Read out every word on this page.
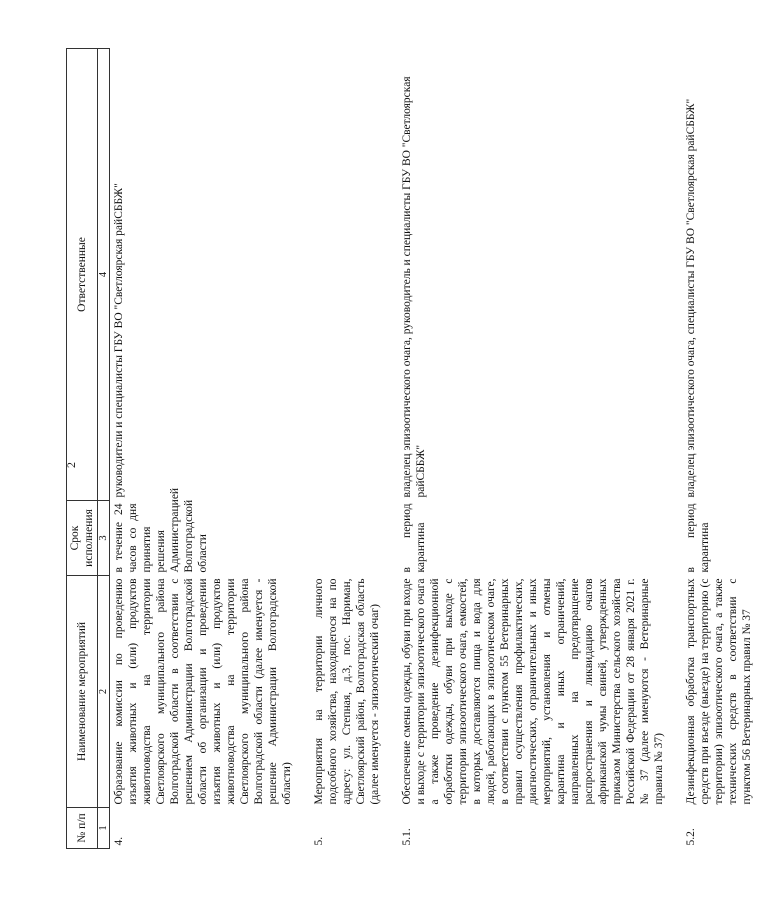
2
№ п/п	Наименование мероприятий	Срок исполнения	Ответственные
1	2	3	4
4.	Образование комиссии по проведению изъятия животных и (или) продуктов животноводства на территории Светлоярского муниципального района Волгоградской области в соответствии с решением Администрации Волгоградской области об организации и проведении изъятия животных и (или) продуктов животноводства на территории Светлоярского муниципального района Волгоградской области (далее именуется - решение Администрации Волгоградской области)	в течение 24 часов со дня принятия решения Администрацией Волгоградской области	руководители и специалисты ГБУ ВО "Светлоярская райСББЖ"
5.	Мероприятия на территории личного подсобного хозяйства, находящегося на по адресу: ул. Степная, д.3, пос. Нариман, Светлоярский район, Волгоградская область (далее именуется - эпизоотический очаг)		
5.1.	Обеспечение смены одежды, обуви при входе и выходе с территории эпизоотического очага а также проведение дезинфекционной обработки одежды, обуви при выходе с территории эпизоотического очага, емкостей, в которых доставляются пища и вода для людей, работающих в эпизоотическом очаге, в соответствии с пунктом 55 Ветеринарных правил осуществления профилактических, диагностических, ограничительных и иных мероприятий, установления и отмены карантина и иных ограничений, направленных на предотвращение распространения и ликвидацию очагов африканской чумы свиней, утвержденных приказом Министерства сельского хозяйства Российской Федерации от 28 января 2021 г. № 37 (далее именуются - Ветеринарные правила № 37)	в период карантина	владелец эпизоотического очага, руководитель и специалисты ГБУ ВО "Светлоярская райСББЖ"
5.2.	Дезинфекционная обработка транспортных средств при въезде (выезде) на территорию (с территории) эпизоотического очага, а также технических средств в соответствии с пунктом 56 Ветеринарных правил № 37	в период карантина	владелец эпизоотического очага, специалисты ГБУ ВО "Светлоярская райСББЖ"
